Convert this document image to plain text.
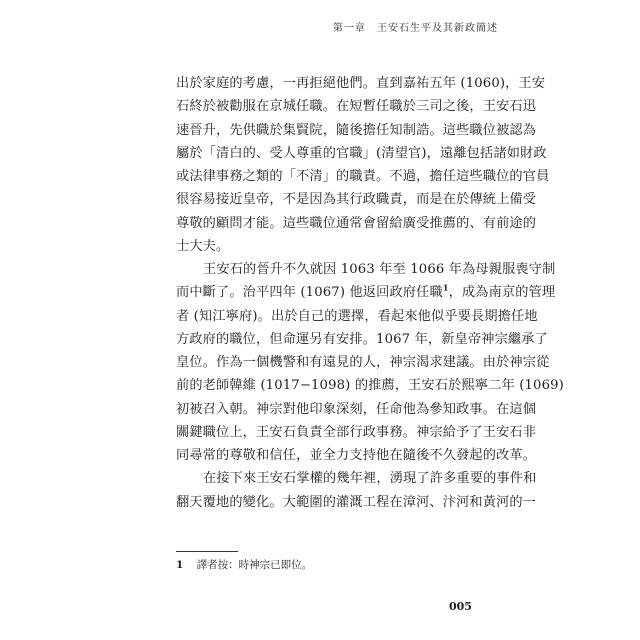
第一章 王安石生平及其新政簡述
出於家庭的考慮，一再拒絕他們。直到嘉祐五年 (1060)，王安
石終於被勸服在京城任職。在短暫任職於三司之後，王安石迅
速晉升，先供職於集賢院，隨後擔任知制誥。這些職位被認為
屬於「清白的、受人尊重的官職」(清望官)，遠離包括諸如財政
或法律事務之類的「不清」的職責。不過，擔任這些職位的官員
很容易接近皇帝，不是因為其行政職責，而是在於傳統上備受
尊敬的顧問才能。這些職位通常會留給廣受推薦的、有前途的
士大夫。
王安石的晉升不久就因 1063 年至 1066 年為母親服喪守制
而中斷了。治平四年 (1067) 他返回政府任職$^1$，成為南京的管理
者 (知江寧府)。出於自己的選擇，看起來他似乎要長期擔任地
方政府的職位，但命運另有安排。1067 年，新皇帝神宗繼承了
皇位。作為一個機警和有遠見的人，神宗渴求建議。由於神宗從
前的老師韓維 (1017−1098) 的推薦，王安石於熙寧二年 (1069)
初被召入朝。神宗對他印象深刻，任命他為參知政事。在這個
關鍵職位上，王安石負責全部行政事務。神宗給予了王安石非
同尋常的尊敬和信任，並全力支持他在隨後不久發起的改革。
在接下來王安石掌權的幾年裡，湧現了許多重要的事件和
翻天覆地的變化。大範圍的灌溉工程在漳河、汴河和黃河的一
1 譯者按：時神宗已即位。
005
